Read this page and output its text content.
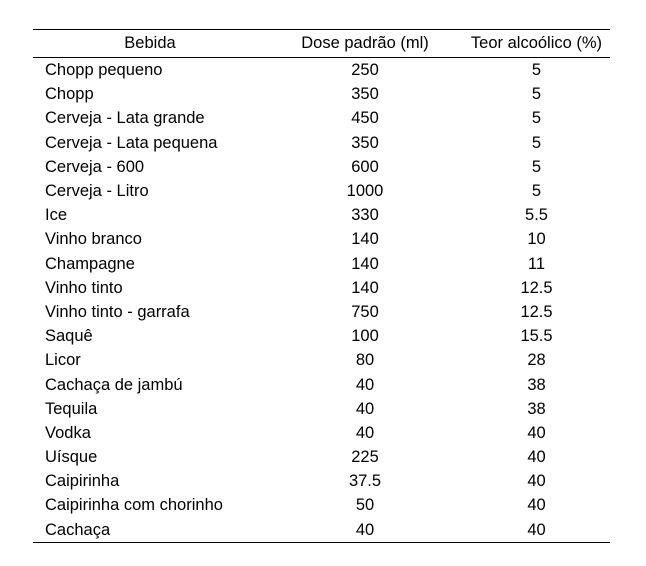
Bebida	Dose padrão (ml)	Teor alcoólico (%)
Chopp pequeno	250	5
Chopp	350	5
Cerveja - Lata grande	450	5
Cerveja - Lata pequena	350	5
Cerveja - 600	600	5
Cerveja - Litro	1000	5
Ice	330	5.5
Vinho branco	140	10
Champagne	140	11
Vinho tinto	140	12.5
Vinho tinto - garrafa	750	12.5
Saquê	100	15.5
Licor	80	28
Cachaça de jambú	40	38
Tequila	40	38
Vodka	40	40
Uísque	225	40
Caipirinha	37.5	40
Caipirinha com chorinho	50	40
Cachaça	40	40
